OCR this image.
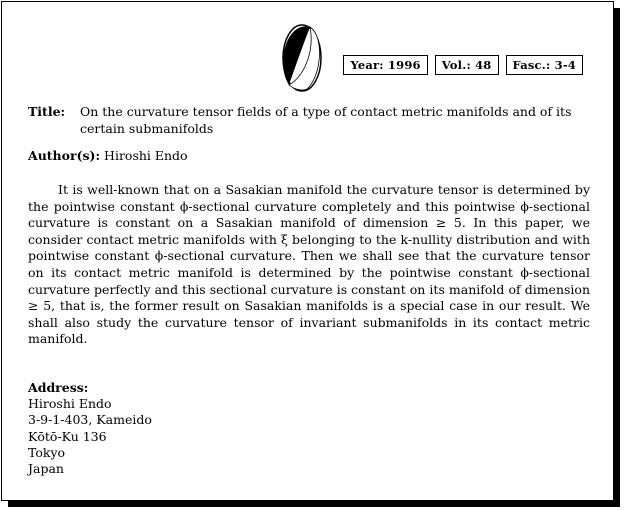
Year: 1996	Vol.: 48	Fasc.: 3-4
Title:	On the curvature tensor fields of a type of contact metric manifolds and of its certain submanifolds
Author(s): Hiroshi Endo

It is well-known that on a Sasakian manifold the curvature tensor is determined by the pointwise constant ϕ-sectional curvature completely and this pointwise ϕ-sectional curvature is constant on a Sasakian manifold of dimension ≥ 5. In this paper, we consider contact metric manifolds with ξ belonging to the k-nullity distribution and with pointwise constant ϕ-sectional curvature. Then we shall see that the curvature tensor on its contact metric manifold is determined by the pointwise constant ϕ-sectional curvature perfectly and this sectional curvature is constant on its manifold of dimension ≥ 5, that is, the former result on Sasakian manifolds is a special case in our result. We shall also study the curvature tensor of invariant submanifolds in its contact metric manifold.

Address:
Hiroshi Endo
3-9-1-403, Kameido
Kōtō-Ku 136
Tokyo
Japan
